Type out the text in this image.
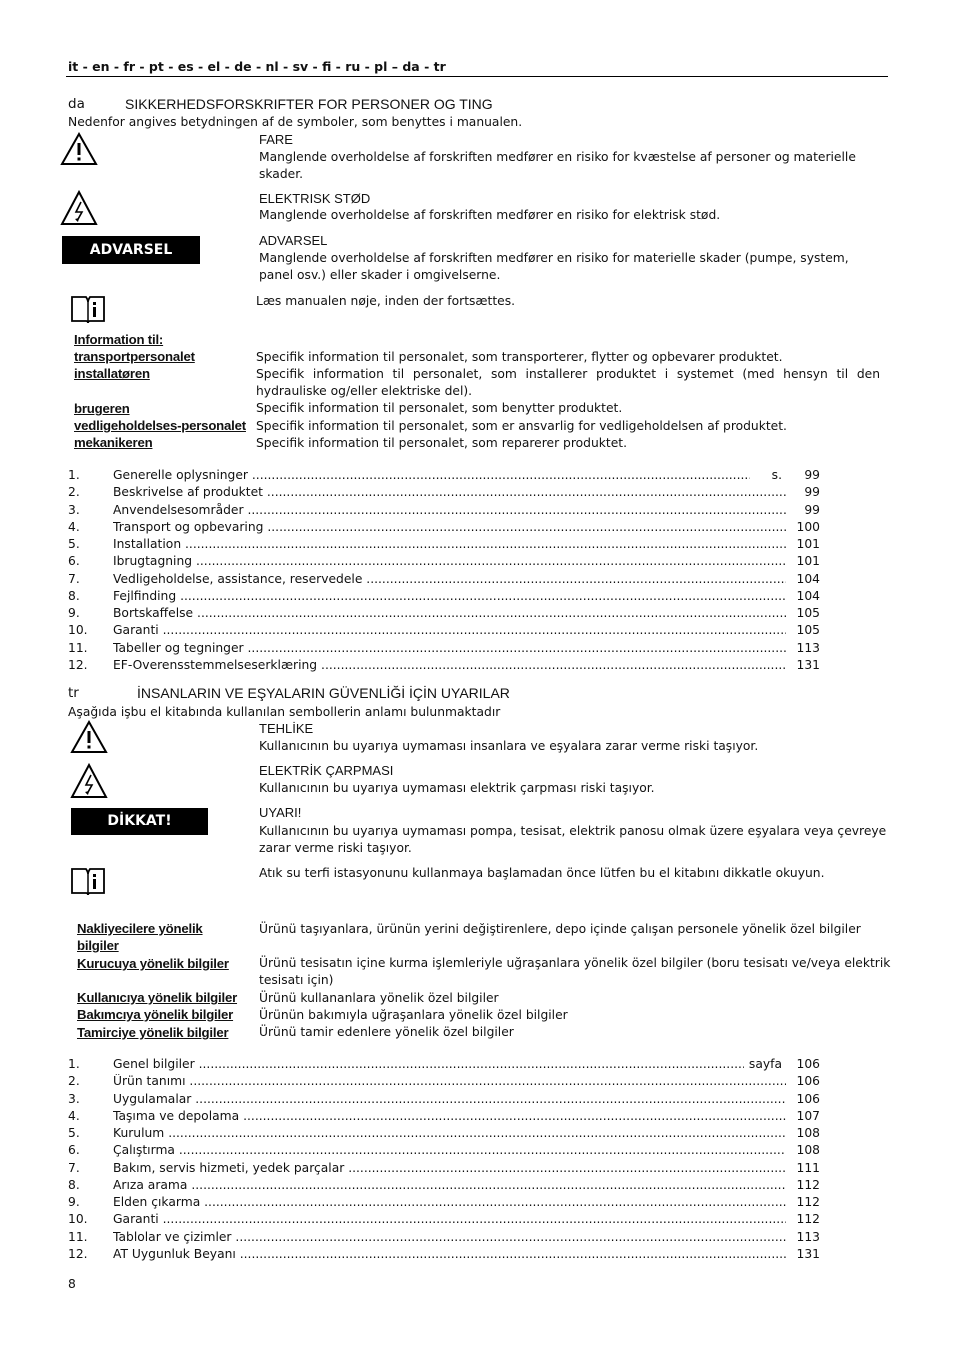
it - en - fr - pt - es - el - de - nl - sv - fi - ru - pl – da - tr
da	SIKKERHEDSFORSKRIFTER FOR PERSONER OG TING
Nedenfor angives betydningen af de symboler, som benyttes i manualen.
FARE
Manglende overholdelse af forskriften medfører en risiko for kvæstelse af personer og materielle
skader.
ELEKTRISK STØD
Manglende overholdelse af forskriften medfører en risiko for elektrisk stød.
ADVARSEL
ADVARSEL
Manglende overholdelse af forskriften medfører en risiko for materielle skader (pumpe, system,
panel osv.) eller skader i omgivelserne.
Læs manualen nøje, inden der fortsættes.
Information til:
transportpersonalet	Specifik information til personalet, som transporterer, flytter og opbevarer produktet.
installatøren	Specifik information til personalet, som installerer produktet i systemet (med hensyn til den
hydrauliske og/eller elektriske del).
brugeren	Specifik information til personalet, som benytter produktet.
vedligeholdelses-personalet Specifik information til personalet, som er ansvarlig for vedligeholdelsen af produktet.
mekanikeren	Specifik information til personalet, som reparerer produktet.
1.	Generelle oplysninger .....	s.	99
2.	Beskrivelse af produktet .....	99
3.	Anvendelsesområder .....	99
4.	Transport og opbevaring .....	100
5.	Installation .....	101
6.	Ibrugtagning .....	101
7.	Vedligeholdelse, assistance, reservedele .....	104
8.	Fejlfinding .....	104
9.	Bortskaffelse .....	105
10. Garanti .....	105
11. Tabeller og tegninger .....	113
12. EF-Overensstemmelseserklæring .....	131
tr	İNSANLARIN VE EŞYALARIN GÜVENLİĞİ İÇİN UYARILAR
Aşağıda işbu el kitabında kullanılan sembollerin anlamı bulunmaktadır
TEHLİKE
Kullanıcının bu uyarıya uymaması insanlara ve eşyalara zarar verme riski taşıyor.
ELEKTRİK ÇARPMASI
Kullanıcının bu uyarıya uymaması elektrik çarpması riski taşıyor.
DİKKAT!
UYARI!
Kullanıcının bu uyarıya uymaması pompa, tesisat, elektrik panosu olmak üzere eşyalara veya çevreye
zarar verme riski taşıyor.
Atık su terfi istasyonunu kullanmaya başlamadan önce lütfen bu el kitabını dikkatle okuyun.
Nakliyecilere yönelik
bilgiler
Ürünü taşıyanlara, ürünün yerini değiştirenlere, depo içinde çalışan personele yönelik özel bilgiler
Kurucuya yönelik bilgiler Ürünü tesisatın içine kurma işlemleriyle uğraşanlara yönelik özel bilgiler (boru tesisatı ve/veya elektrik
tesisatı için)
Kullanıcıya yönelik bilgiler Ürünü kullananlara yönelik özel bilgiler
Bakımcıya yönelik bilgiler Ürünün bakımıyla uğraşanlara yönelik özel bilgiler
Tamirciye yönelik bilgiler Ürünü tamir edenlere yönelik özel bilgiler
1.	Genel bilgiler .....	sayfa	106
2.	Ürün tanımı .....	106
3.	Uygulamalar .....	106
4.	Taşıma ve depolama .....	107
5.	Kurulum .....	108
6.	Çalıştırma .....	108
7.	Bakım, servis hizmeti, yedek parçalar .....	111
8.	Arıza arama .....	112
9.	Elden çıkarma .....	112
10. Garanti .....	112
11. Tablolar ve çizimler .....	113
12. AT Uygunluk Beyanı .....	131
8
